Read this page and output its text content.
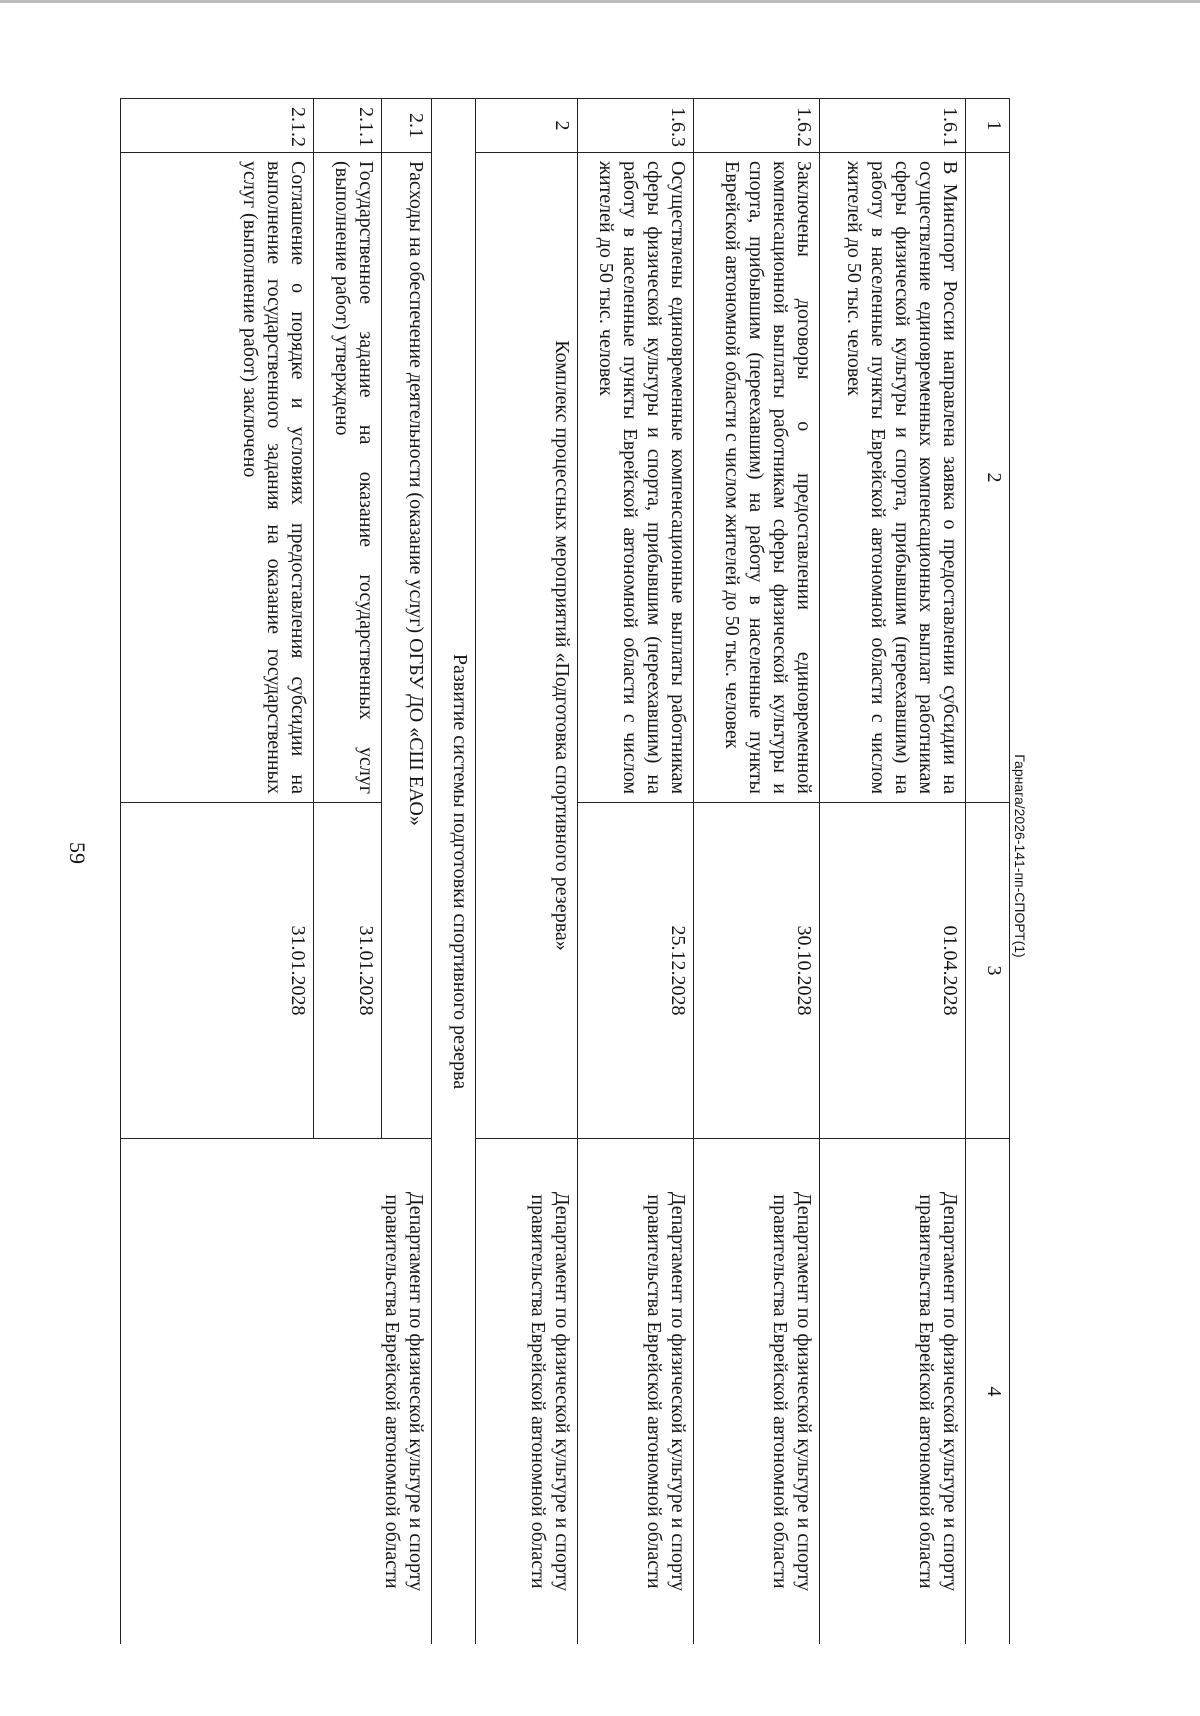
59	Гарнага/2026-141-пп-СПОРТ(1)
1	2	3	4
1.6.1	В Минспорт России направлена заявка о предоставлении субсидии на осуществление единовременных компенсационных выплат работникам сферы физической культуры и спорта, прибывшим (переехавшим) на работу в населенные пункты Еврейской автономной области с числом жителей до 50 тыс. человек	01.04.2028	Департамент по физической культуре и спорту правительства Еврейской автономной области
1.6.2	Заключены договоры о предоставлении единовременной компенсационной выплаты работникам сферы физической культуры и спорта, прибывшим (переехавшим) на работу в населенные пункты Еврейской автономной области с числом жителей до 50 тыс. человек	30.10.2028	Департамент по физической культуре и спорту правительства Еврейской автономной области
1.6.3	Осуществлены единовременные компенсационные выплаты работникам сферы физической культуры и спорта, прибывшим (переехавшим) на работу в населенные пункты Еврейской автономной области с числом жителей до 50 тыс. человек	25.12.2028	Департамент по физической культуре и спорту правительства Еврейской автономной области
2	Комплекс процессных мероприятий «Подготовка спортивного резерва»		Департамент по физической культуре и спорту правительства Еврейской автономной области
Развитие системы подготовки спортивного резерва			
2.1	Расходы на обеспечение деятельности (оказание услуг) ОГБУ ДО «СШ ЕАО»		Департамент по физической культуре и спорту правительства Еврейской автономной области
2.1.1	Государственное задание на оказание государственных услуг (выполнение работ) утверждено	31.01.2028	
2.1.2	Соглашение о порядке и условиях предоставления субсидии на выполнение государственного задания на оказание государственных услуг (выполнение работ) заключено	31.01.2028	
